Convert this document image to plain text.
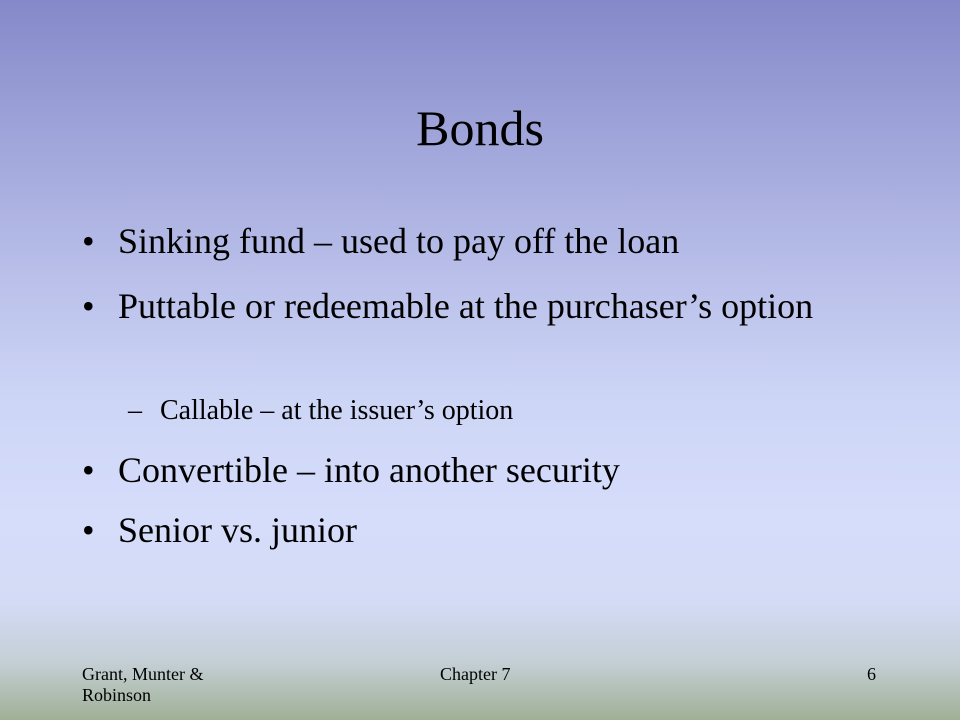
Bonds
• Sinking fund – used to pay off the loan
• Puttable or redeemable at the purchaser’s option
– Callable – at the issuer’s option
• Convertible – into another security
• Senior vs. junior
Grant, Munter & Robinson
Chapter 7	6
